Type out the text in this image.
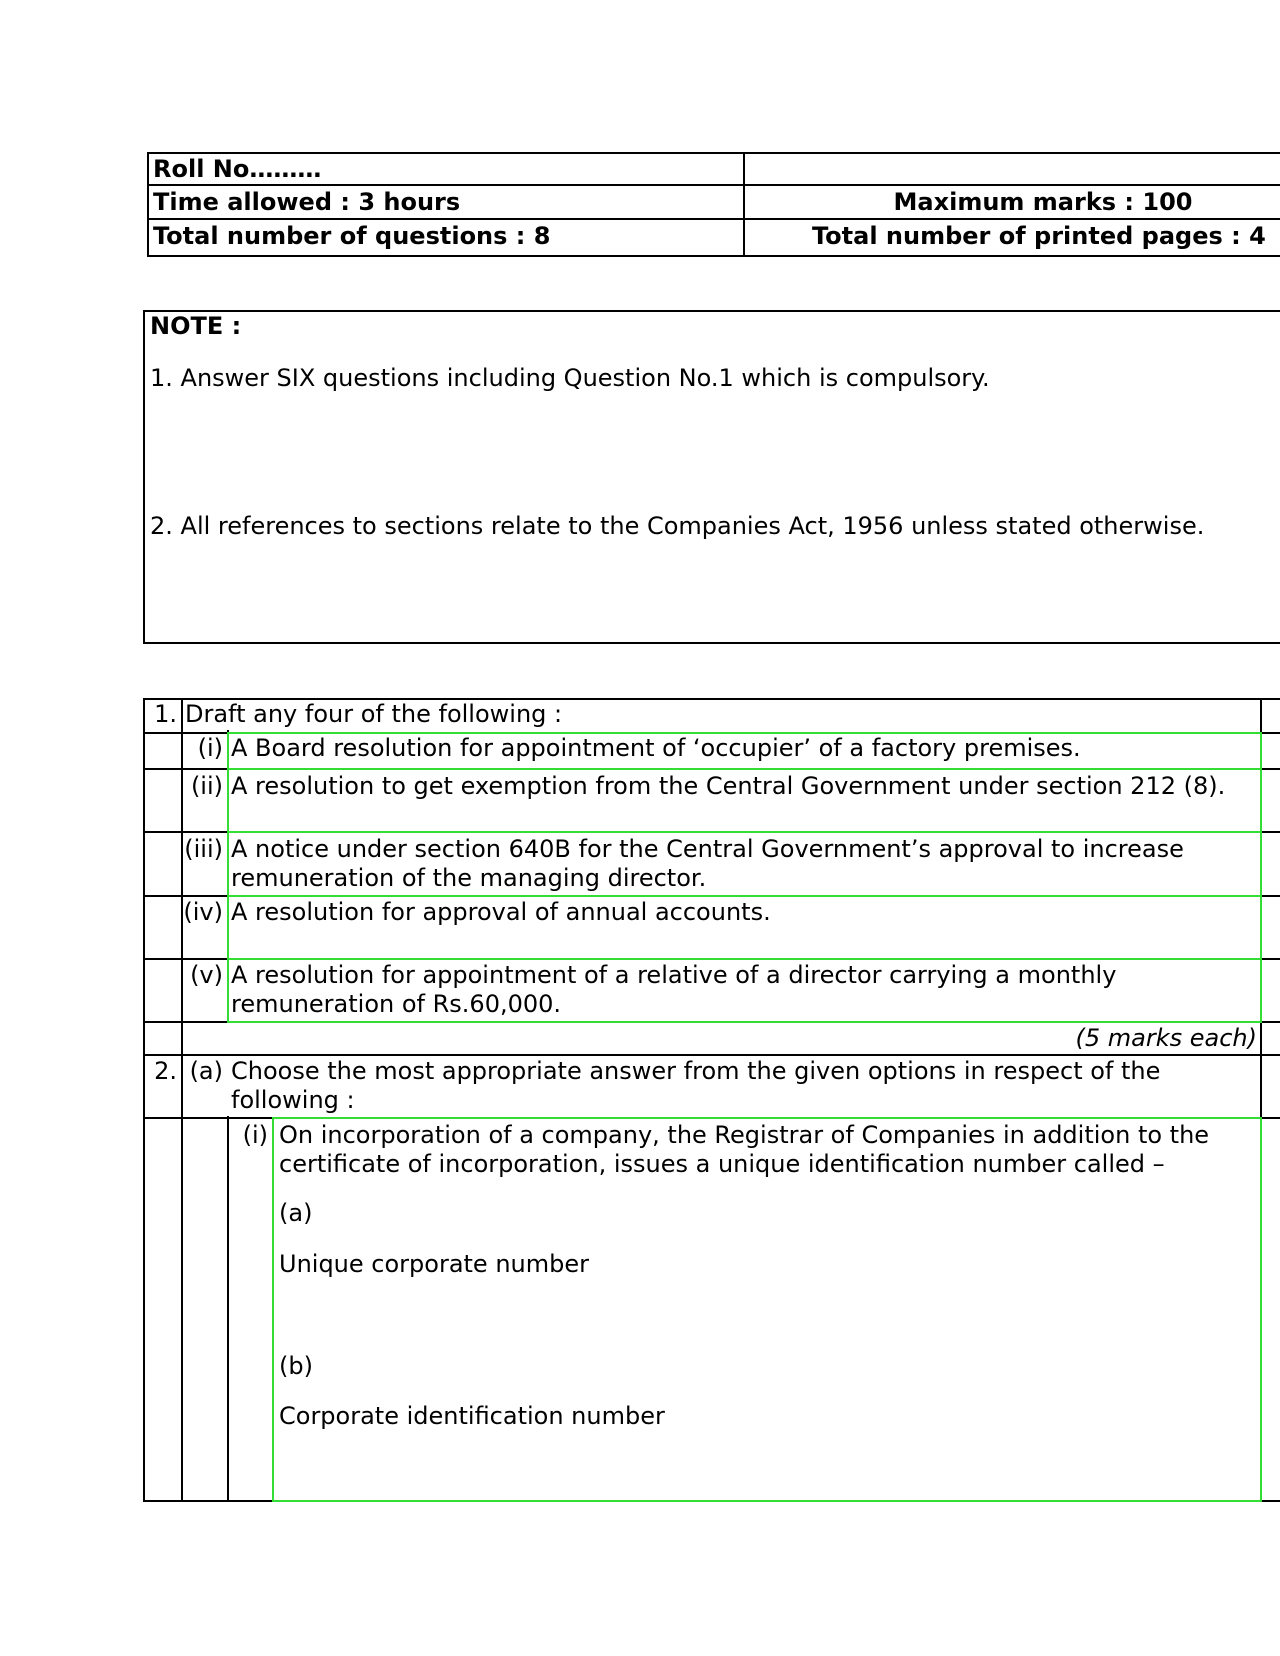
Roll No………
Time allowed : 3 hours	Maximum marks : 100
Total number of questions : 8	Total number of printed pages : 4
NOTE :
1. Answer SIX questions including Question No.1 which is compulsory.
2. All references to sections relate to the Companies Act, 1956 unless stated otherwise.
1. Draft any four of the following :
(i) A Board resolution for appointment of ‘occupier’ of a factory premises.
(ii) A resolution to get exemption from the Central Government under section 212 (8).
(iii) A notice under section 640B for the Central Government’s approval to increase remuneration of the managing director.
(iv) A resolution for approval of annual accounts.
(v) A resolution for appointment of a relative of a director carrying a monthly remuneration of Rs.60,000.
(5 marks each)
2. (a) Choose the most appropriate answer from the given options in respect of the following :
(i) On incorporation of a company, the Registrar of Companies in addition to the certificate of incorporation, issues a unique identification number called –
(a)
Unique corporate number
(b)
Corporate identification number
